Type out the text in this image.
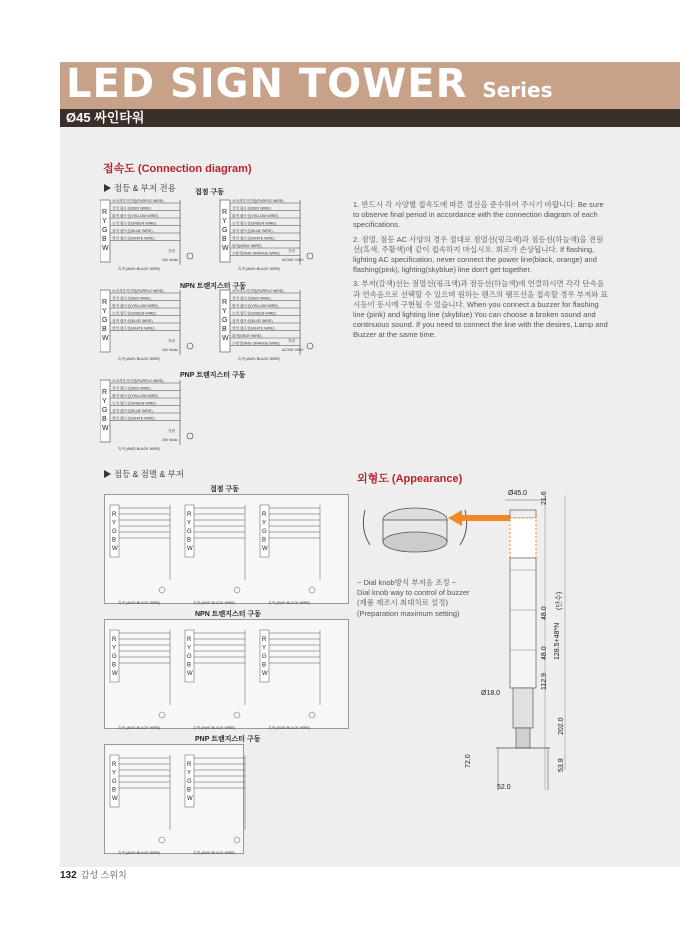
LED SIGN TOWER Series
Ø45 싸인타워
접속도 (Connection diagram)
▶ 점등 & 부저 전용	접점 구동
NPN 트랜지스터 구동
PNP 트랜지스터 구동
R
Y
G
B
W
보라색부저전원(PURPLE WIRE)
적색 램프선(RED WIRE)
황색 램프선(YELLOW WIRE)
녹색 램프선(GREEN WIRE)
청색 램프선(BLUE WIRE)
백색 램프선(WHITE WIRE)
흑색 (AWG·BLACK WIRE)
전원
24V dc/ac
R
Y
G
B
W
보라색부저전원(PURPLE WIRE)
적색 램프선(RED WIRE)
황색 램프선(YELLOW WIRE)
녹색 램프선(GREEN WIRE)
청색 램프선(BLUE WIRE)
백색 램프선(WHITE WIRE)
회색(GRAY WIRE)
주황색(ANG·ORANGE WIRE)
흑색 (AWG·BLACK WIRE)
전원
AC100~240V
R
Y
G
B
W
보라색부저전원(PURPLE WIRE)
적색 램프선(RED WIRE)
황색 램프선(YELLOW WIRE)
녹색 램프선(GREEN WIRE)
청색 램프선(BLUE WIRE)
백색 램프선(WHITE WIRE)
흑색 (AWG·BLACK WIRE)
전원
24V dc/ac
R
Y
G
B
W
보라색부저전원(PURPLE WIRE)
적색 램프선(RED WIRE)
황색 램프선(YELLOW WIRE)
녹색 램프선(GREEN WIRE)
청색 램프선(BLUE WIRE)
백색 램프선(WHITE WIRE)
회색(GRAY WIRE)
주황색(ANG·ORANGE WIRE)
흑색 (AWG·BLACK WIRE)
전원
AC100~240V
R
Y
G
B
W
보라색부저전원(PURPLE WIRE)
적색 램프선(RED WIRE)
황색 램프선(YELLOW WIRE)
녹색 램프선(GREEN WIRE)
청색 램프선(BLUE WIRE)
백색 램프선(WHITE WIRE)
흑색 (AWG·BLACK WIRE)
전원
24V dc/ac
▶ 점등 & 점멸 & 부저
접점 구동
NPN 트랜지스터 구동
PNP 트랜지스터 구동
R
Y
G
B
W
흑색 (AWG·BLACK WIRE)
R
Y
G
B
W
흑색 (AWG·BLACK WIRE)
R
Y
G
B
W
흑색 (AWG·BLACK WIRE)
R
Y
G
B
W
흑색 (AWG·BLACK WIRE)
R
Y
G
B
W
흑색 (AWG·BLACK WIRE)
R
Y
G
B
W
흑색 (AWG·BLACK WIRE)
R
Y
G
B
W
흑색 (AWG·BLACK WIRE)
R
Y
G
B
W
흑색 (AWG·BLACK WIRE)

1. 반드시 각 사양별 접속도에 따른 결선을 준수하여 주시기 바랍니다. Be sure to observe final period in accordance with the connection diagram of each specifications.

2. 점멸, 점등 AC 사양의 경우 절대로 점멸선(핑크색)과 점등선(하늘색)을 전원선(흑색, 주황색)에 같이 접속하지 마십시오. 회로가 손상됩니다. If flashing, lighting AC specification, never connect the power line(black, orange) and flashing(pink), lighting(skyblue) line don't get together.

3. 부저(갈색)선는 점멸선(핑크색)과 점등선(하늘색)에 연결하시면 각각 단속음과 연속음으로 선택할 수 있으며 원하는 렌즈의 램프선을 접속할 경우 부저와 표시등이 동시에 구현될 수 있습니다. When you connect a buzzer for flashing line (pink) and lighting line (skyblue) You can choose a broken sound and continuous sound. If you need to connect the line with the desires, Lamp and Buzzer at the same time.

외형도 (Appearance)
Ø45.0
Ø18.0
52.0
21.6
48.0
48.0 128.5+48*N
(단수)
112.9
202.0
72.0	53.8
~ Dial knob방식 부저음 조정 ~
Dial knob way to control of buzzer
(제품 제조시 최대치로 설정)
(Preparation maximum setting)
132 감성 스위치
